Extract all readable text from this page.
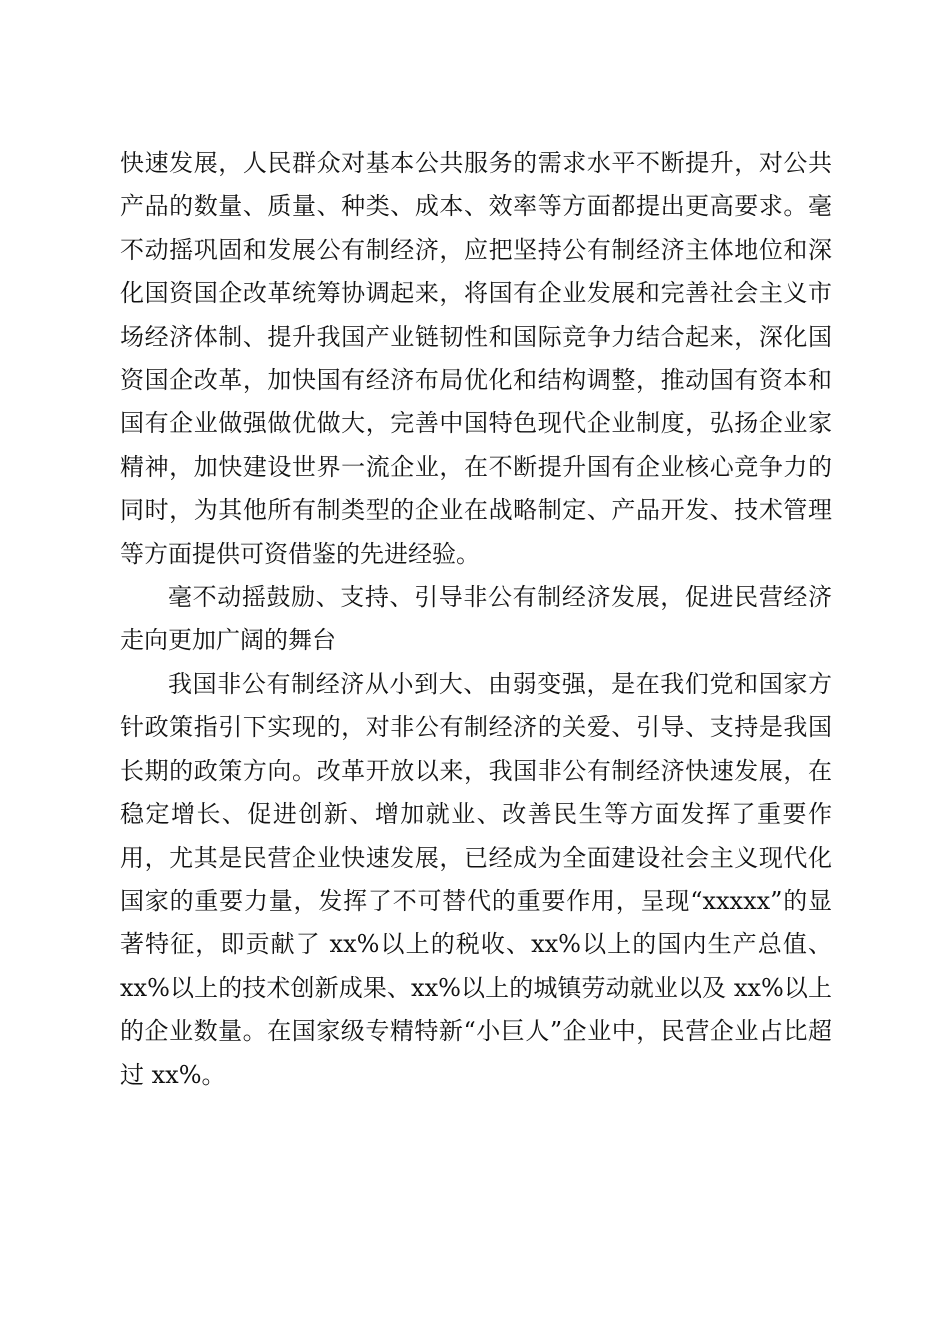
快速发展，人民群众对基本公共服务的需求水平不断提升，对公共产品的数量、质量、种类、成本、效率等方面都提出更高要求。毫不动摇巩固和发展公有制经济，应把坚持公有制经济主体地位和深化国资国企改革统筹协调起来，将国有企业发展和完善社会主义市场经济体制、提升我国产业链韧性和国际竞争力结合起来，深化国资国企改革，加快国有经济布局优化和结构调整，推动国有资本和国有企业做强做优做大，完善中国特色现代企业制度，弘扬企业家精神，加快建设世界一流企业，在不断提升国有企业核心竞争力的同时，为其他所有制类型的企业在战略制定、产品开发、技术管理等方面提供可资借鉴的先进经验。

毫不动摇鼓励、支持、引导非公有制经济发展，促进民营经济走向更加广阔的舞台

我国非公有制经济从小到大、由弱变强，是在我们党和国家方针政策指引下实现的，对非公有制经济的关爱、引导、支持是我国长期的政策方向。改革开放以来，我国非公有制经济快速发展，在稳定增长、促进创新、增加就业、改善民生等方面发挥了重要作用，尤其是民营企业快速发展，已经成为全面建设社会主义现代化国家的重要力量，发挥了不可替代的重要作用，呈现“xxxxx”的显著特征，即贡献了 xx%以上的税收、xx%以上的国内生产总值、xx%以上的技术创新成果、xx%以上的城镇劳动就业以及 xx%以上的企业数量。在国家级专精特新“小巨人”企业中，民营企业占比超过 xx%。
